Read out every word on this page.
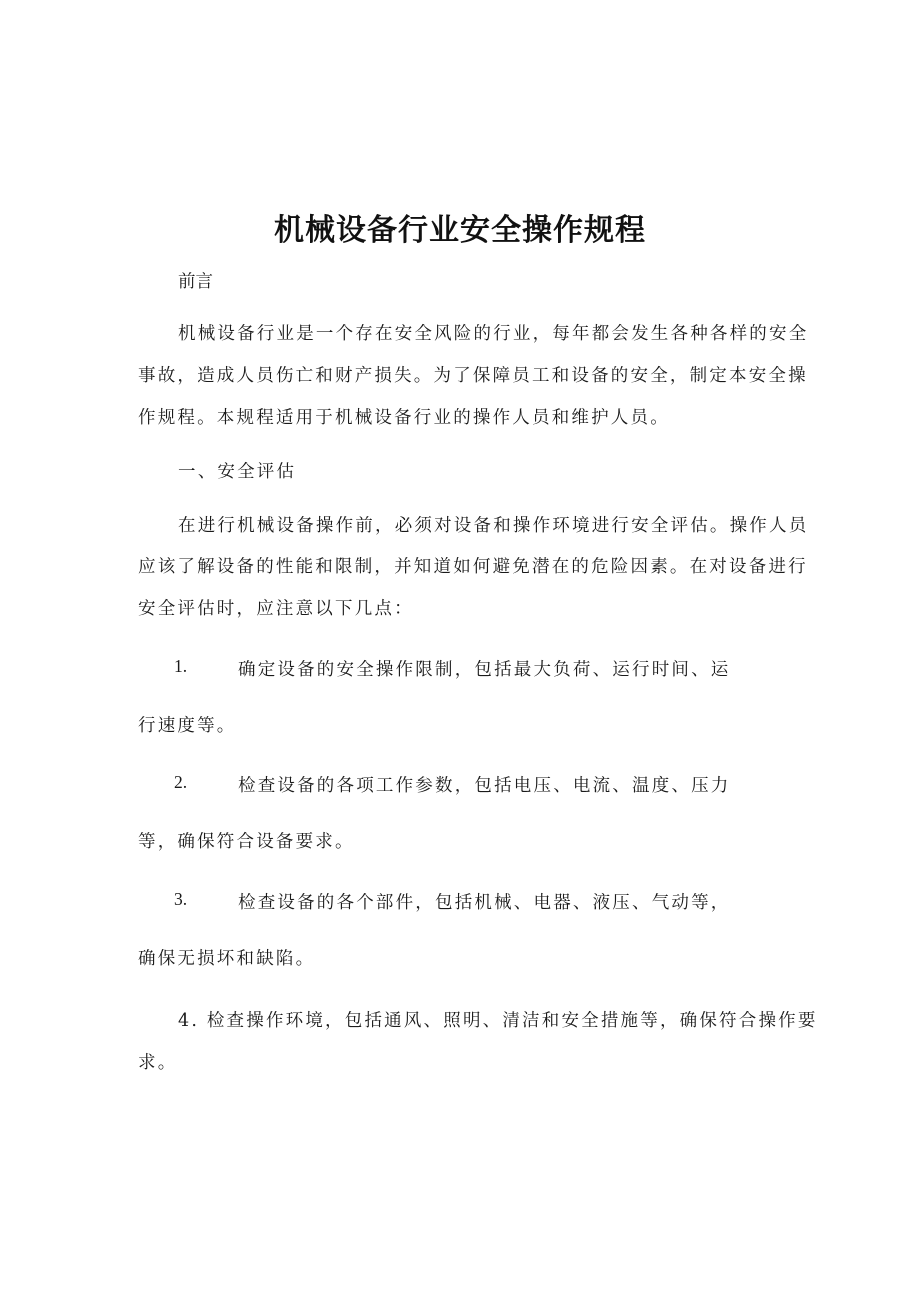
机械设备行业安全操作规程
前言
机械设备行业是一个存在安全风险的行业，每年都会发生各种各样的安全
事故，造成人员伤亡和财产损失。为了保障员工和设备的安全，制定本安全操
作规程。本规程适用于机械设备行业的操作人员和维护人员。
一、安全评估
在进行机械设备操作前，必须对设备和操作环境进行安全评估。操作人员
应该了解设备的性能和限制，并知道如何避免潜在的危险因素。在对设备进行
安全评估时，应注意以下几点：
1.	确定设备的安全操作限制，包括最大负荷、运行时间、运
行速度等。
2.	检查设备的各项工作参数，包括电压、电流、温度、压力
等，确保符合设备要求。
3.	检查设备的各个部件，包括机械、电器、液压、气动等，
确保无损坏和缺陷。
4. 检查操作环境，包括通风、照明、清洁和安全措施等，确保符合操作要
求。
